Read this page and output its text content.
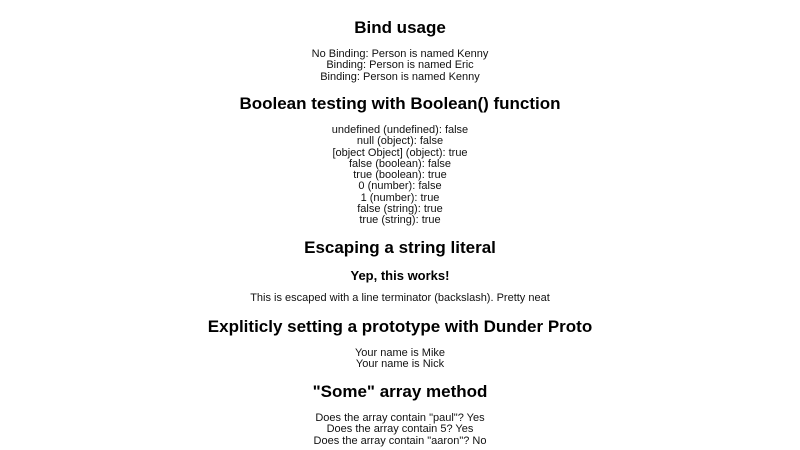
Bind usage
No Binding: Person is named Kenny
Binding: Person is named Eric
Binding: Person is named Kenny
Boolean testing with Boolean() function
undefined (undefined): false
null (object): false
[object Object] (object): true
false (boolean): false
true (boolean): true
0 (number): false
1 (number): true
false (string): true
true (string): true
Escaping a string literal
Yep, this works!
This is escaped with a line terminator (backslash). Pretty neat
Expliticly setting a prototype with Dunder Proto
Your name is Mike
Your name is Nick
"Some" array method
Does the array contain "paul"? Yes
Does the array contain 5? Yes
Does the array contain "aaron"? No
